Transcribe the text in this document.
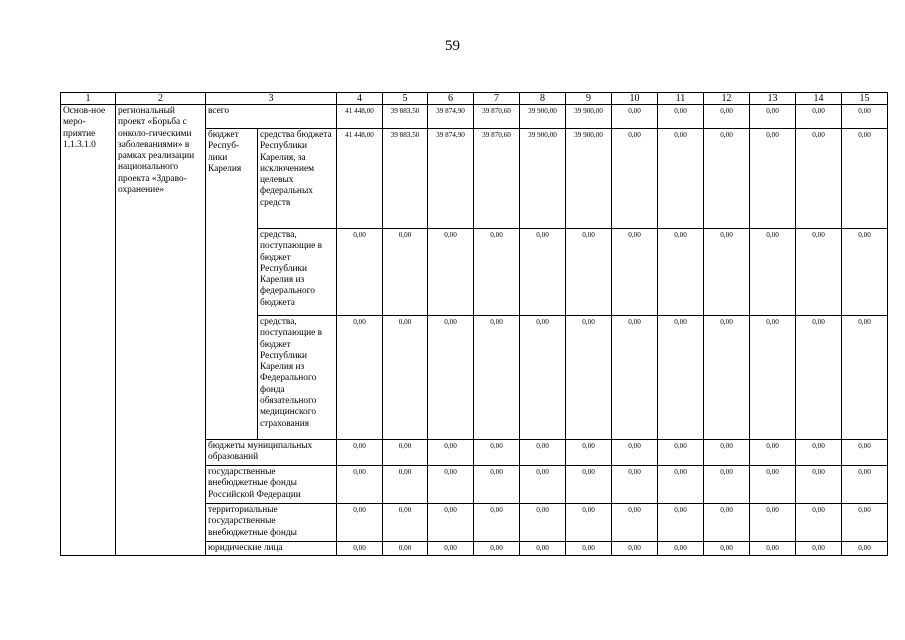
59
1	2	3		4	5	6	7	8	9	10	11	12	13	14	15
Основ-ное меро-приятие 1.1.3.1.0	региональный проект «Борьба с онколо-гическими заболеваниями» в рамках реализации национального проекта «Здраво-охранение»	всего		41 448,00	39 883,50	39 874,90	39 870,60	39 900,00	39 900,00	0,00	0,00	0,00	0,00	0,00	0,00
		бюджет Респуб-лики Карелия	средства бюджета Республики Карелия, за исключением целевых федеральных средств	41 448,00	39 883,50	39 874,90	39 870,60	39 900,00	39 900,00	0,00	0,00	0,00	0,00	0,00	0,00
			средства, поступающие в бюджет Республики Карелия из федерального бюджета	0,00	0,00	0,00	0,00	0,00	0,00	0,00	0,00	0,00	0,00	0,00	0,00
			средства, поступающие в бюджет Республики Карелия из Федерального фонда обязательного медицинского страхования	0,00	0,00	0,00	0,00	0,00	0,00	0,00	0,00	0,00	0,00	0,00	0,00
		бюджеты муниципальных образований		0,00	0,00	0,00	0,00	0,00	0,00	0,00	0,00	0,00	0,00	0,00	0,00
		государственные внебюджетные фонды Российской Федерации		0,00	0,00	0,00	0,00	0,00	0,00	0,00	0,00	0,00	0,00	0,00	0,00
		территориальные государственные внебюджетные фонды		0,00	0,00	0,00	0,00	0,00	0,00	0,00	0,00	0,00	0,00	0,00	0,00
		юридические лица		0,00	0,00	0,00	0,00	0,00	0,00	0,00	0,00	0,00	0,00	0,00	0,00
